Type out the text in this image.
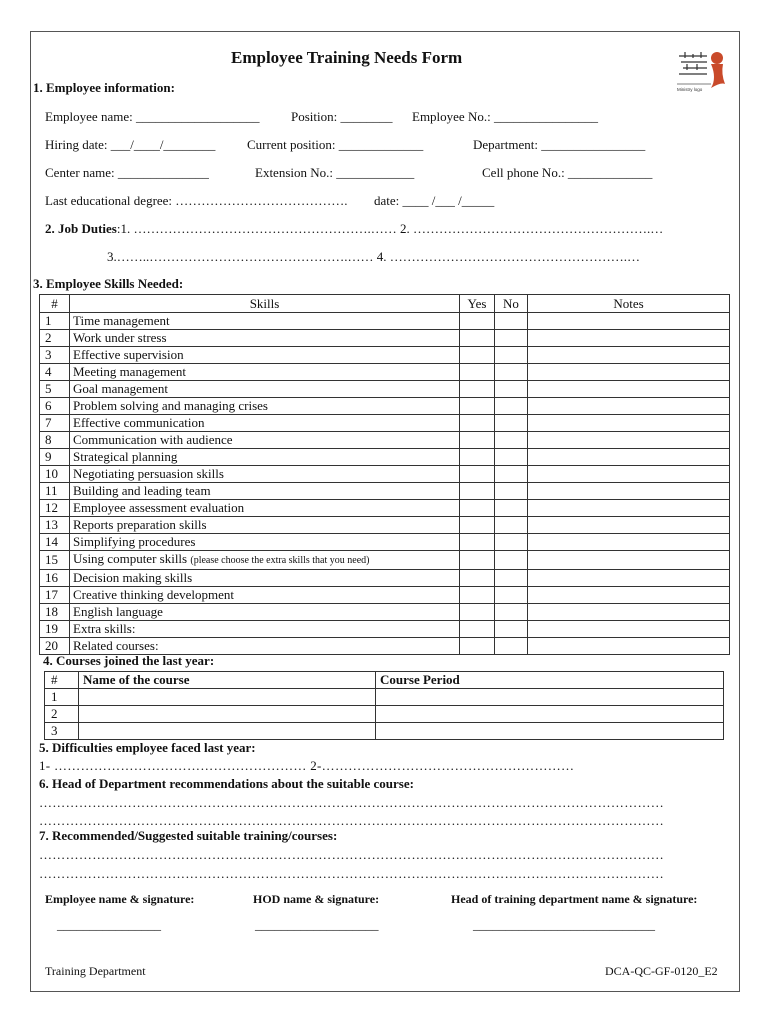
Employee Training Needs Form
Ministry logo
1. Employee information:
Employee name: ___________________ Position: ________ Employee No.: ________________
Hiring date: ___/____/________ Current position: _____________	Department: ________________
Center name: ______________	Extension No.: ____________	Cell phone No.: _____________
Last educational degree: …………………………………. date: ____ /___ /_____
2. Job Duties:1. ……………………………………………….…… 2. ……………………………………………….…
3.……..……………………………………….…… 4. ……………………………………………….…
3. Employee Skills Needed:
#	Skills	Yes	No	Notes
1	Time management			
2	Work under stress			
3	Effective supervision			
4	Meeting management			
5	Goal management			
6	Problem solving and managing crises			
7	Effective communication			
8	Communication with audience			
9	Strategical planning			
10	Negotiating persuasion skills			
11	Building and leading team			
12	Employee assessment evaluation			
13	Reports preparation skills			
14	Simplifying procedures			
15	Using computer skills (please choose the extra skills that you need)			
16	Decision making skills			
17	Creative thinking development			
18	English language			
19	Extra skills:			
20	Related courses:			
4. Courses joined the last year:
#	Name of the course	Course Period
1		
2		
3		
5. Difficulties employee faced last year:
1- ………………………………………………… 2-…………………………………………………
6. Head of Department recommendations about the suitable course:
……………………………………………………………………………………………………………………………
……………………………………………………………………………………………………………………………
7. Recommended/Suggested suitable training/courses:
……………………………………………………………………………………………………………………………
……………………………………………………………………………………………………………………………
Employee name & signature:	HOD name & signature:	Head of training department name & signature:
________________	___________________	____________________________
Training Department	DCA-QC-GF-0120_E2
